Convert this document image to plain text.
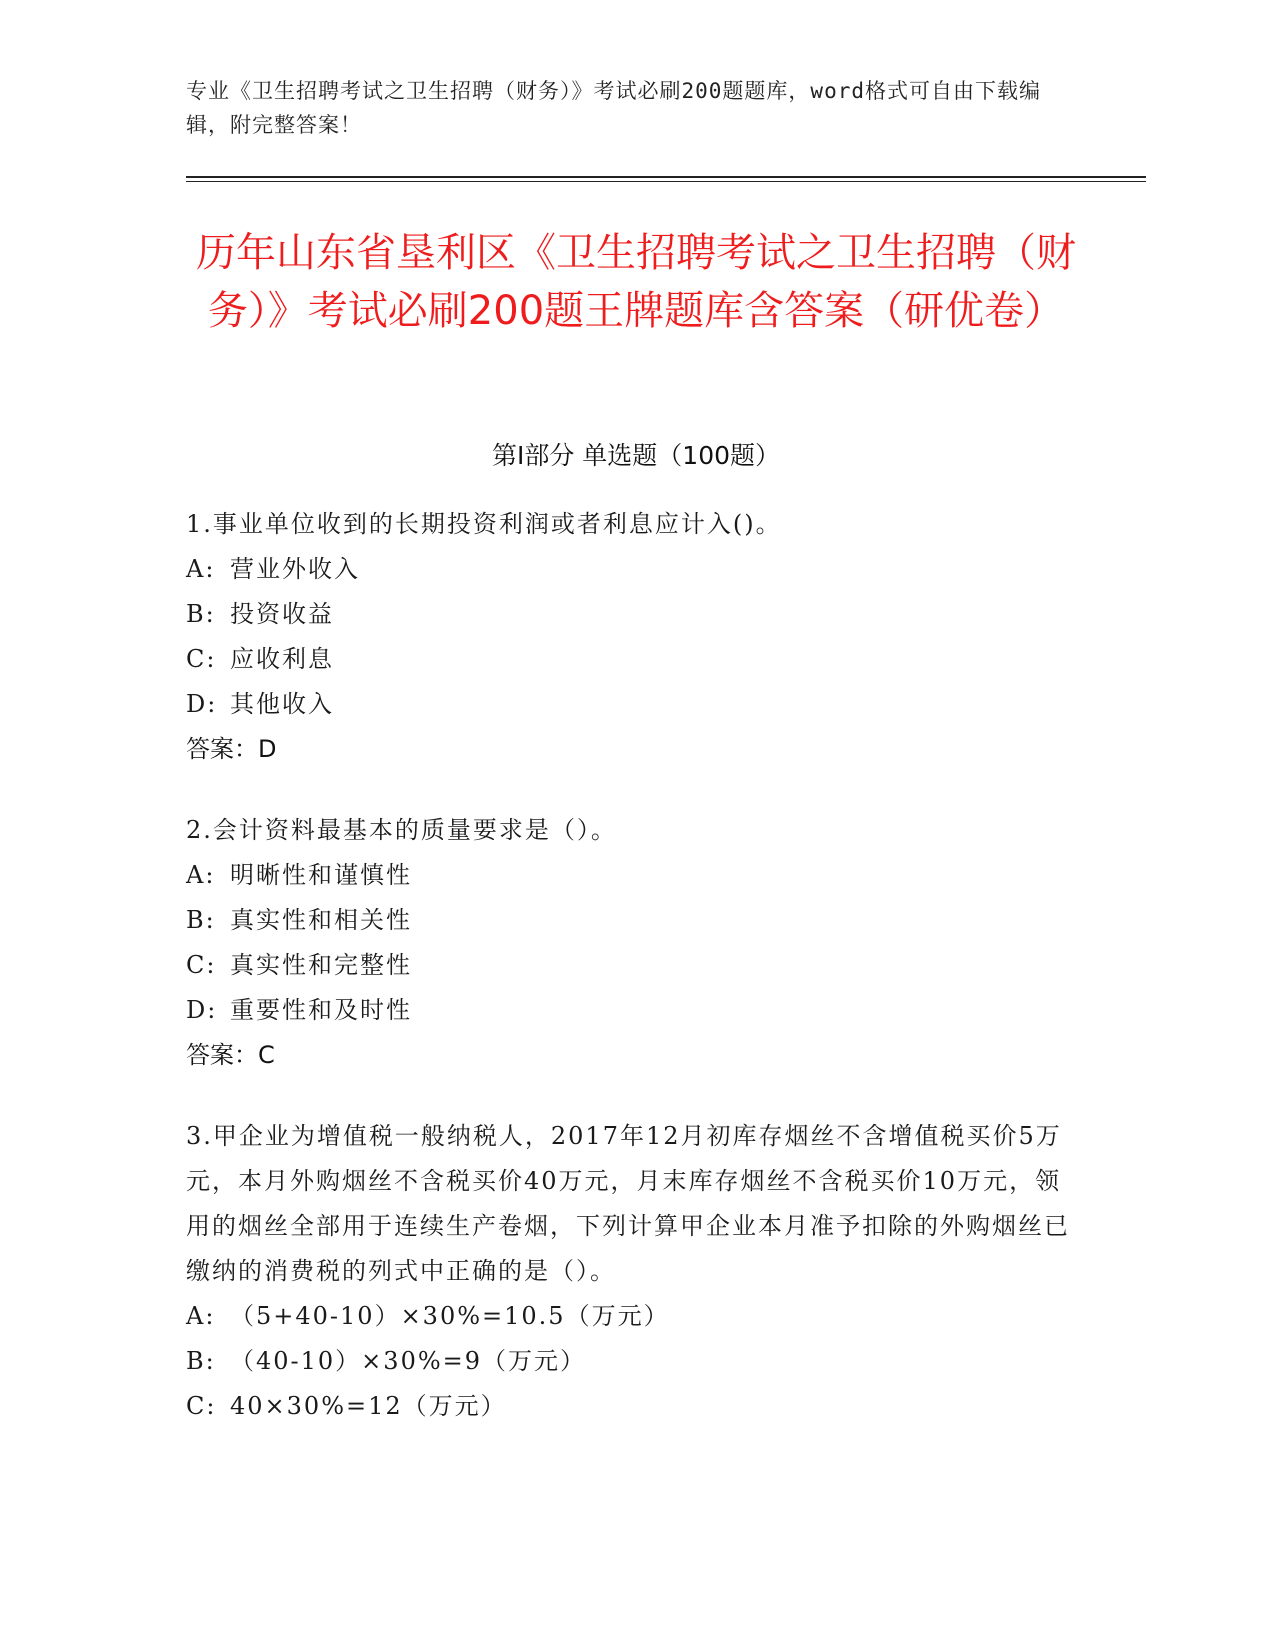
专业《卫生招聘考试之卫生招聘（财务）》考试必刷200题题库，word格式可自由下载编辑，附完整答案！
历年山东省垦利区《卫生招聘考试之卫生招聘（财务）》考试必刷200题王牌题库含答案（研优卷）
第Ⅰ部分 单选题（100题）
1.事业单位收到的长期投资利润或者利息应计入()。
A: 营业外收入
B: 投资收益
C: 应收利息
D: 其他收入
答案：D
2.会计资料最基本的质量要求是（）。
A: 明晰性和谨慎性
B: 真实性和相关性
C: 真实性和完整性
D: 重要性和及时性
答案：C
3.甲企业为增值税一般纳税人，2017年12月初库存烟丝不含增值税买价5万元，本月外购烟丝不含税买价40万元，月末库存烟丝不含税买价10万元，领用的烟丝全部用于连续生产卷烟，下列计算甲企业本月准予扣除的外购烟丝已缴纳的消费税的列式中正确的是（）。
A: （5+40-10）×30%=10.5（万元）
B: （40-10）×30%=9（万元）
C: 40×30%=12（万元）
